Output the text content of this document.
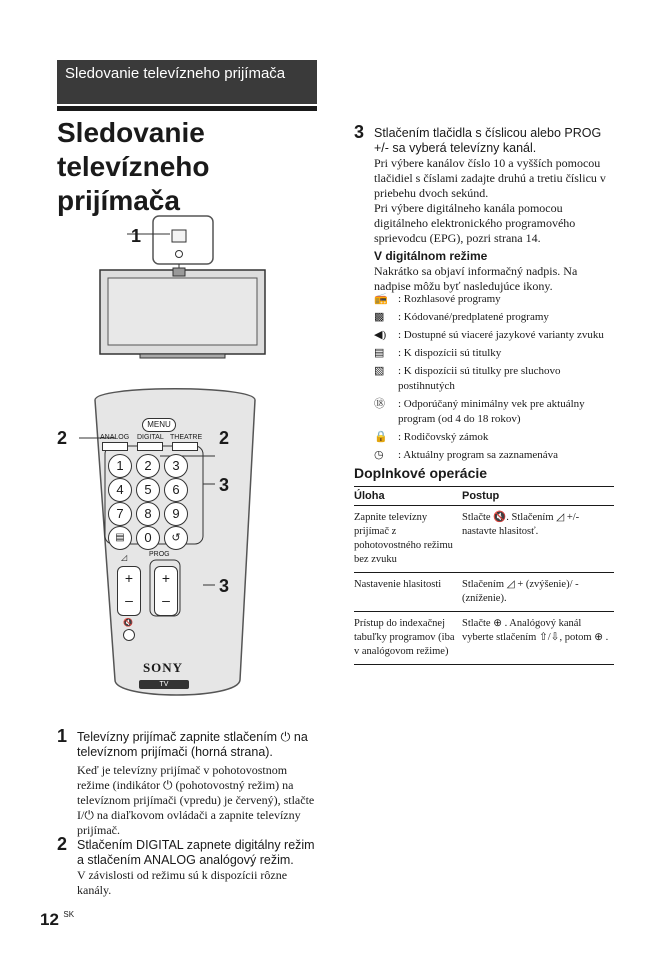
Sledovanie televízneho prijímača
Sledovanie televízneho prijímača
1
2	2
3
3
MENU
ANALOG DIGITAL THEATRE
1	2	3
4	5	6
7	8	9
▤	0	↺
◿	PROG
+
–
+
–
🔇
SONY
TV
1 Televízny prijímač zapnite stlačením ⏻ na televíznom prijímači (horná strana).
Keď je televízny prijímač v pohotovostnom režime (indikátor ⏻ (pohotovostný režim) na televíznom prijímači (vpredu) je červený), stlačte I/⏻ na diaľkovom ovládači a zapnite televízny prijímač.
2 Stlačením DIGITAL zapnete digitálny režim a stlačením ANALOG analógový režim.
V závislosti od režimu sú k dispozícii rôzne kanály.
3 Stlačením tlačidla s číslicou alebo PROG +/- sa vyberá televízny kanál.
Pri výbere kanálov číslo 10 a vyšších pomocou tlačidiel s číslami zadajte druhú a tretiu číslicu v priebehu dvoch sekúnd.
Pri výbere digitálneho kanála pomocou digitálneho elektronického programového sprievodcu (EPG), pozri strana 14.
V digitálnom režime
Nakrátko sa objaví informačný nadpis. Na nadpise môžu byť nasledujúce ikony.
📻 : Rozhlasové programy
▩	: Kódované/predplatené programy
◀)	: Dostupné sú viaceré jazykové varianty zvuku
▤	: K dispozícii sú titulky
▧	: K dispozícii sú titulky pre sluchovo postihnutých
⑱	: Odporúčaný minimálny vek pre aktuálny program (od 4 do 18 rokov)
🔒 : Rodičovský zámok
◷	: Aktuálny program sa zaznamenáva
Doplnkové operácie
Úloha	Postup
Zapnite televízny prijímač z pohotovostného režimu bez zvuku	Stlačte 🔇. Stlačením ◿ +/- nastavte hlasitosť.
Nastavenie hlasitosti	Stlačením ◿ + (zvýšenie)/ - (zníženie).
Prístup do indexačnej tabuľky programov (iba v analógovom režime)	Stlačte ⊕ . Analógový kanál vyberte stlačením ⇧/⇩, potom ⊕ .
12 $^{SK}$
